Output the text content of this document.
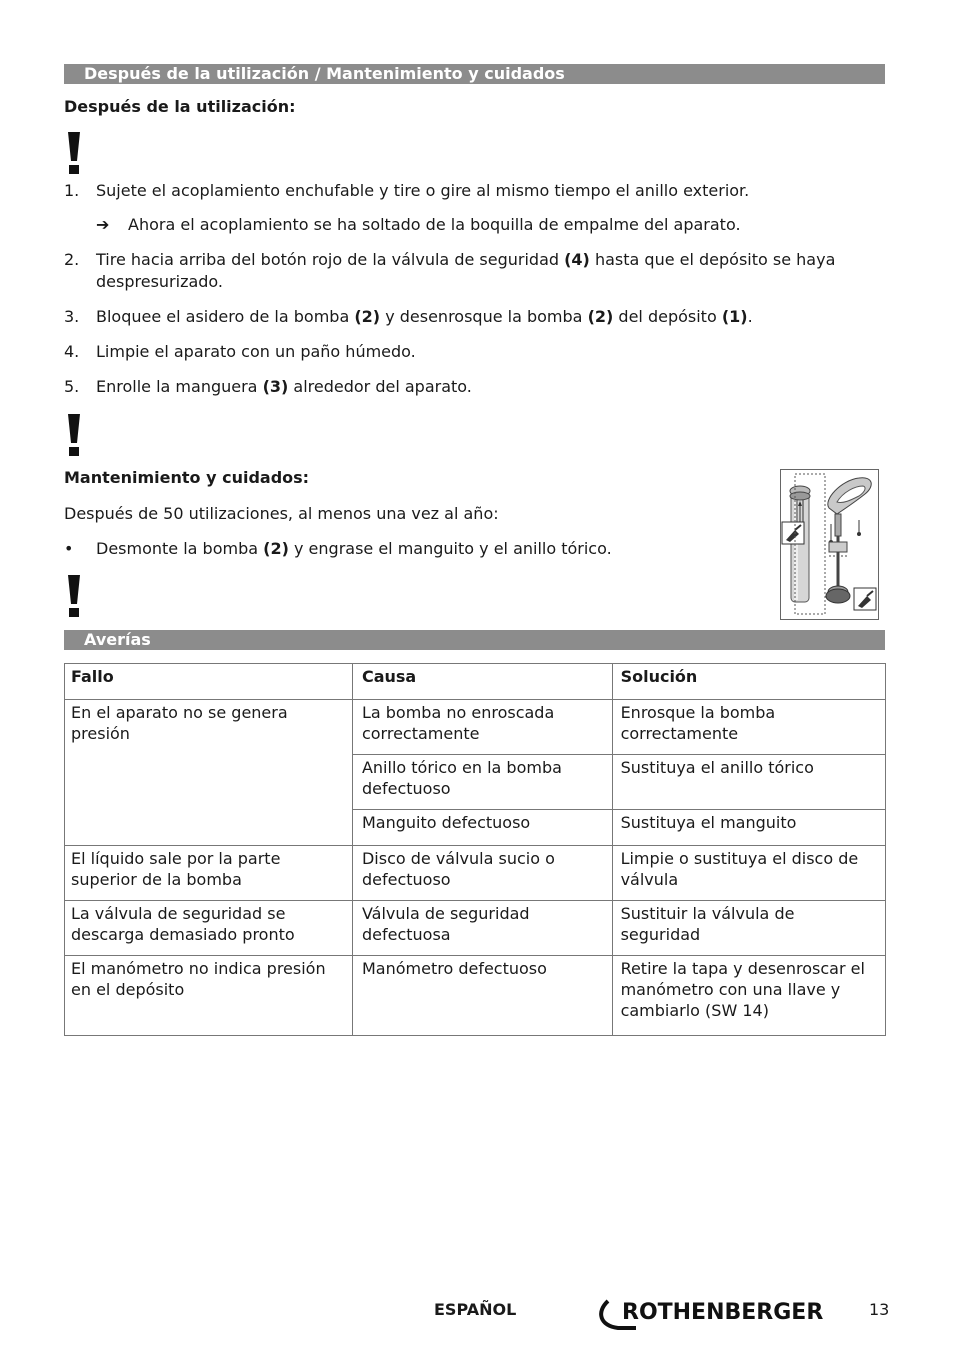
Después de la utilización / Mantenimiento y cuidados
Después de la utilización:
1. Sujete el acoplamiento enchufable y tire o gire al mismo tiempo el anillo exterior.
➔ Ahora el acoplamiento se ha soltado de la boquilla de empalme del aparato.
2. Tire hacia arriba del botón rojo de la válvula de seguridad (4) hasta que el depósito se haya despresurizado.
3. Bloquee el asidero de la bomba (2) y desenrosque la bomba (2) del depósito (1).
4. Limpie el aparato con un paño húmedo.
5. Enrolle la manguera (3) alrededor del aparato.
Mantenimiento y cuidados:
Después de 50 utilizaciones, al menos una vez al año:
• Desmonte la bomba (2) y engrase el manguito y el anillo tórico.
Averías
Fallo	Causa	Solución
En el aparato no se genera presión	La bomba no enroscada correctamente	Enrosque la bomba correctamente
	Anillo tórico en la bomba defectuoso	Sustituya el anillo tórico
	Manguito defectuoso	Sustituya el manguito
El líquido sale por la parte superior de la bomba	Disco de válvula sucio o defectuoso	Limpie o sustituya el disco de válvula
La válvula de seguridad se descarga demasiado pronto	Válvula de seguridad defectuosa	Sustituir la válvula de seguridad
El manómetro no indica presión en el depósito	Manómetro defectuoso	Retire la tapa y desenroscar el manómetro con una llave y cambiarlo (SW 14)
ESPAÑOL	ROTHENBERGER	13
